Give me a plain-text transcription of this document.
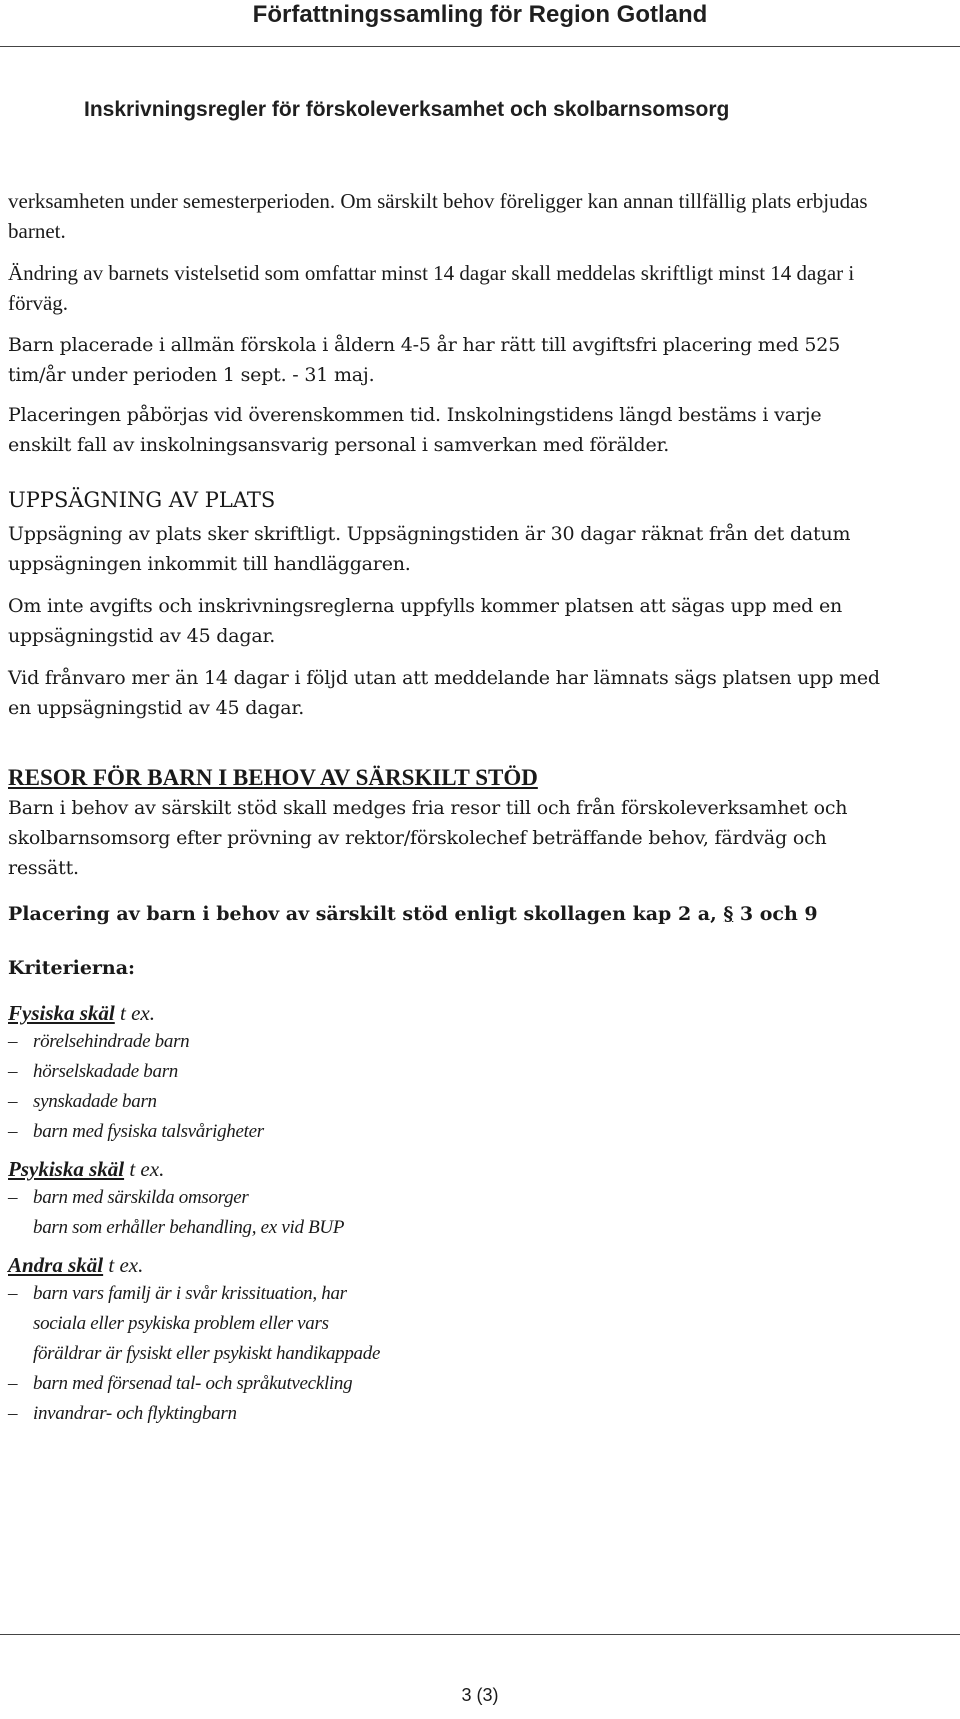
Författningssamling för Region Gotland
Inskrivningsregler för förskoleverksamhet och skolbarnsomsorg

verksamheten under semesterperioden. Om särskilt behov föreligger kan annan tillfällig plats erbjudas barnet.

Ändring av barnets vistelsetid som omfattar minst 14 dagar skall meddelas skriftligt minst 14 dagar i förväg.

Barn placerade i allmän förskola i åldern 4-5 år har rätt till avgiftsfri placering med 525 tim/år under perioden 1 sept. - 31 maj.

Placeringen påbörjas vid överenskommen tid. Inskolningstidens längd bestäms i varje enskilt fall av inskolningsansvarig personal i samverkan med förälder.

UPPSÄGNING AV PLATS

Uppsägning av plats sker skriftligt. Uppsägningstiden är 30 dagar räknat från det datum uppsägningen inkommit till handläggaren.

Om inte avgifts och inskrivningsreglerna uppfylls kommer platsen att sägas upp med en uppsägningstid av 45 dagar.

Vid frånvaro mer än 14 dagar i följd utan att meddelande har lämnats sägs platsen upp med en uppsägningstid av 45 dagar.

RESOR FÖR BARN I BEHOV AV SÄRSKILT STÖD

Barn i behov av särskilt stöd skall medges fria resor till och från förskoleverksamhet och skolbarnsomsorg efter prövning av rektor/förskolechef beträffande behov, färdväg och ressätt.

Placering av barn i behov av särskilt stöd enligt skollagen kap 2 a, § 3 och 9

Kriterierna:

Fysiska skäl t ex.
– rörelsehindrade barn
– hörselskadade barn
– synskadade barn
– barn med fysiska talsvårigheter
Psykiska skäl t ex.
– barn med särskilda omsorger
barn som erhåller behandling, ex vid BUP
Andra skäl t ex.
– barn vars familj är i svår krissituation, har
sociala eller psykiska problem eller vars
föräldrar är fysiskt eller psykiskt handikappade
– barn med försenad tal- och språkutveckling
– invandrar- och flyktingbarn
3 (3)
